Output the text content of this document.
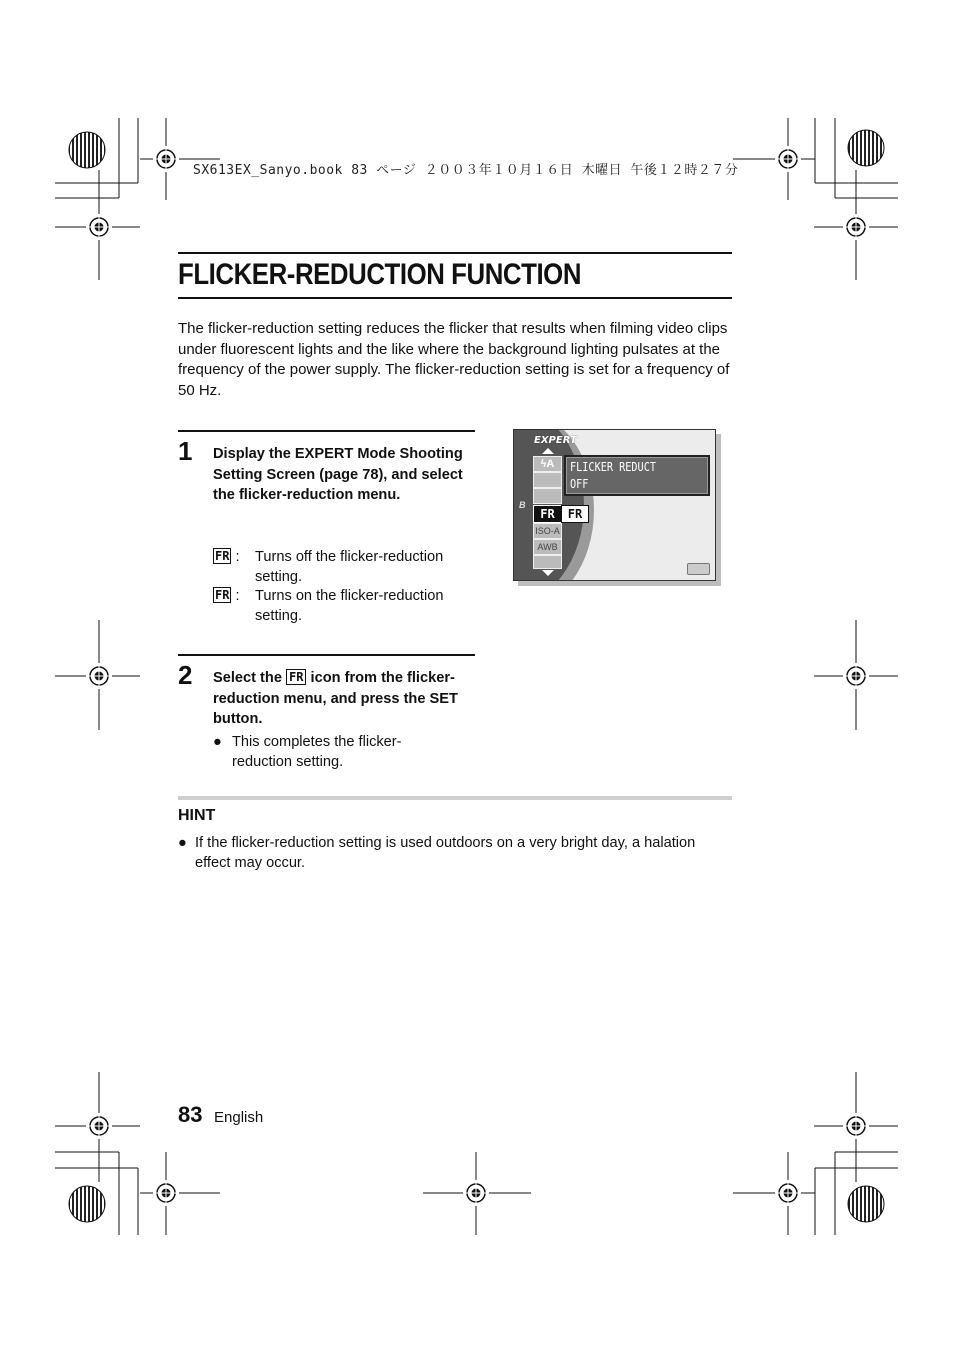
SX613EX_Sanyo.book 83 ページ ２００３年１０月１６日 木曜日 午後１２時２７分
FLICKER-REDUCTION FUNCTION
The flicker-reduction setting reduces the flicker that results when filming video clips under fluorescent lights and the like where the background lighting pulsates at the frequency of the power supply. The flicker-reduction setting is set for a frequency of 50 Hz.
1 Display the EXPERT Mode Shooting Setting Screen (page 78), and select the flicker-reduction menu.
FR : Turns off the flicker-reduction setting.
FR : Turns on the flicker-reduction setting.
EXPERT
ϟA
FR	FR
ISO-A
AWB
B
FLICKER REDUCT
OFF
2 Select the FR icon from the flicker-reduction menu, and press the SET button.
● This completes the flicker-reduction setting.
HINT
● If the flicker-reduction setting is used outdoors on a very bright day, a halation effect may occur.
83 English
